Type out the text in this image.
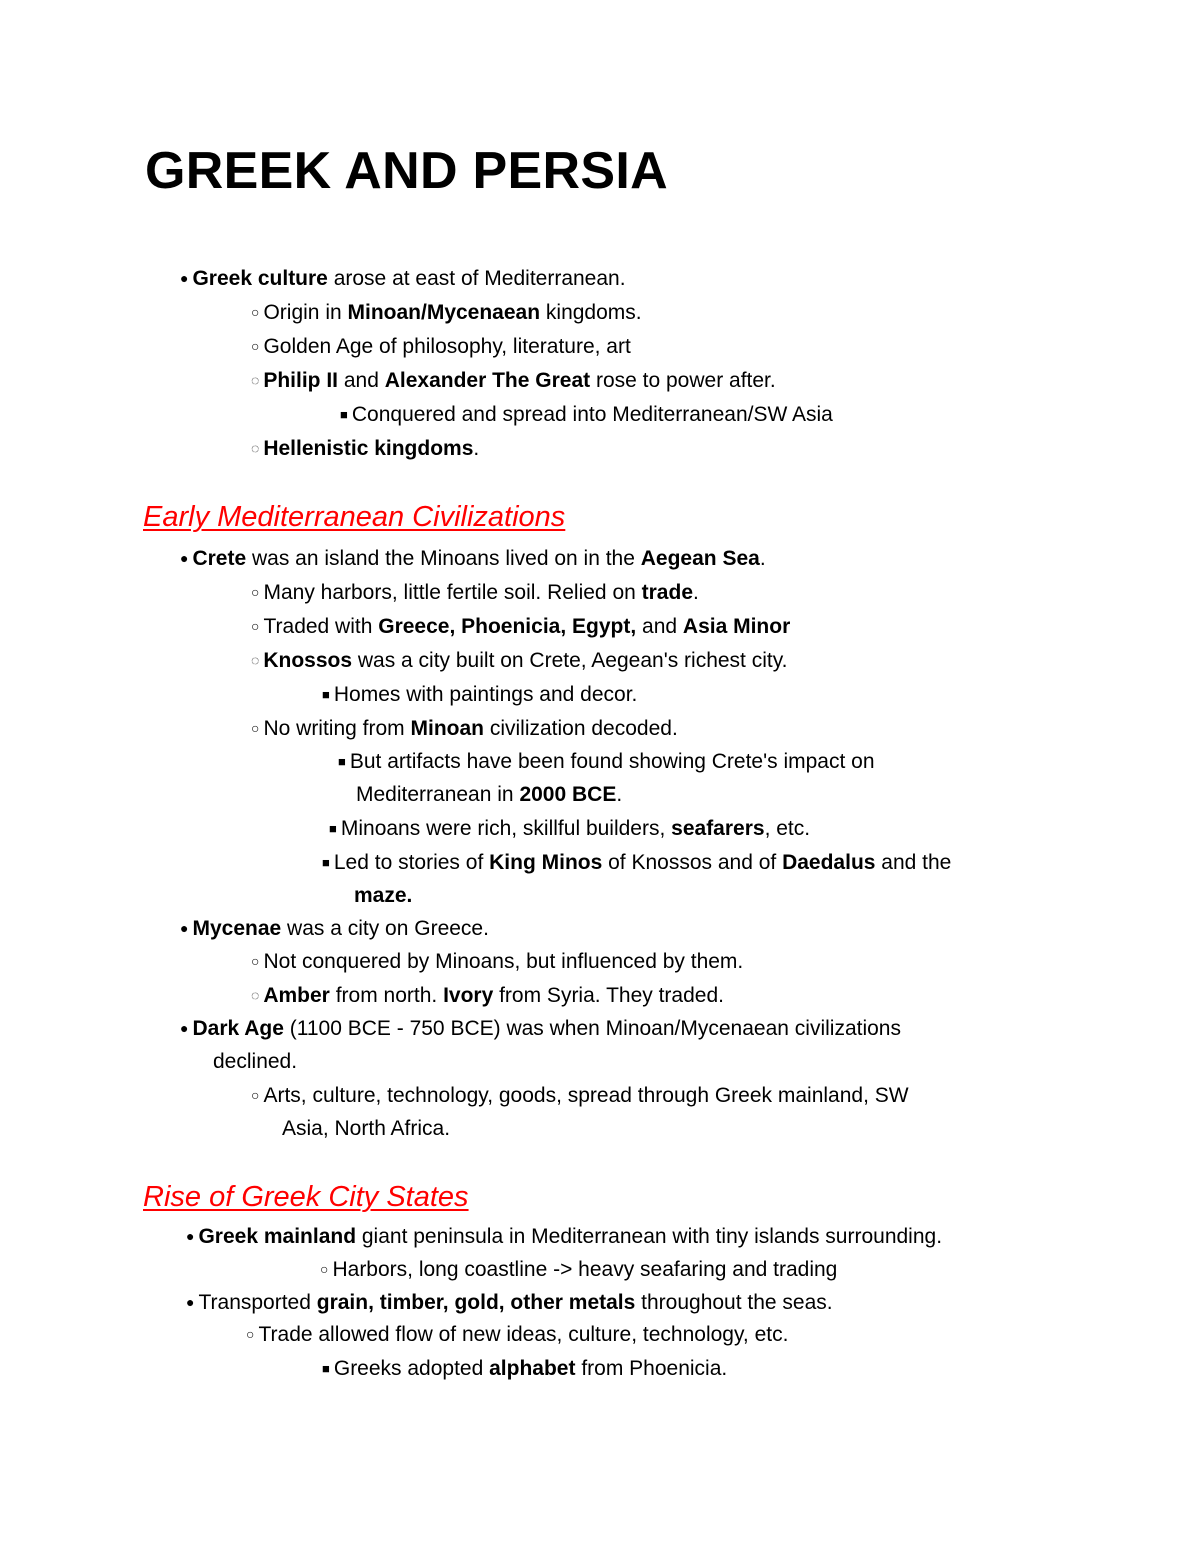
GREEK AND PERSIA
● Greek culture arose at east of Mediterranean.
○ Origin in Minoan/Mycenaean kingdoms.
○ Golden Age of philosophy, literature, art
◌ Philip II and Alexander The Great rose to power after.
■ Conquered and spread into Mediterranean/SW Asia
◌ Hellenistic kingdoms.
Early Mediterranean Civilizations
● Crete was an island the Minoans lived on in the Aegean Sea.
○ Many harbors, little fertile soil. Relied on trade.
○ Traded with Greece, Phoenicia, Egypt, and Asia Minor
◌ Knossos was a city built on Crete, Aegean's richest city.
■ Homes with paintings and decor.
○ No writing from Minoan civilization decoded.
■ But artifacts have been found showing Crete's impact on
Mediterranean in 2000 BCE.
■ Minoans were rich, skillful builders, seafarers, etc.
■ Led to stories of King Minos of Knossos and of Daedalus and the
maze.
● Mycenae was a city on Greece.
○ Not conquered by Minoans, but influenced by them.
◌ Amber from north. Ivory from Syria. They traded.
● Dark Age (1100 BCE - 750 BCE) was when Minoan/Mycenaean civilizations
declined.
○ Arts, culture, technology, goods, spread through Greek mainland, SW
Asia, North Africa.
Rise of Greek City States
● Greek mainland giant peninsula in Mediterranean with tiny islands surrounding.
○ Harbors, long coastline -> heavy seafaring and trading
● Transported grain, timber, gold, other metals throughout the seas.
○ Trade allowed flow of new ideas, culture, technology, etc.
■ Greeks adopted alphabet from Phoenicia.
